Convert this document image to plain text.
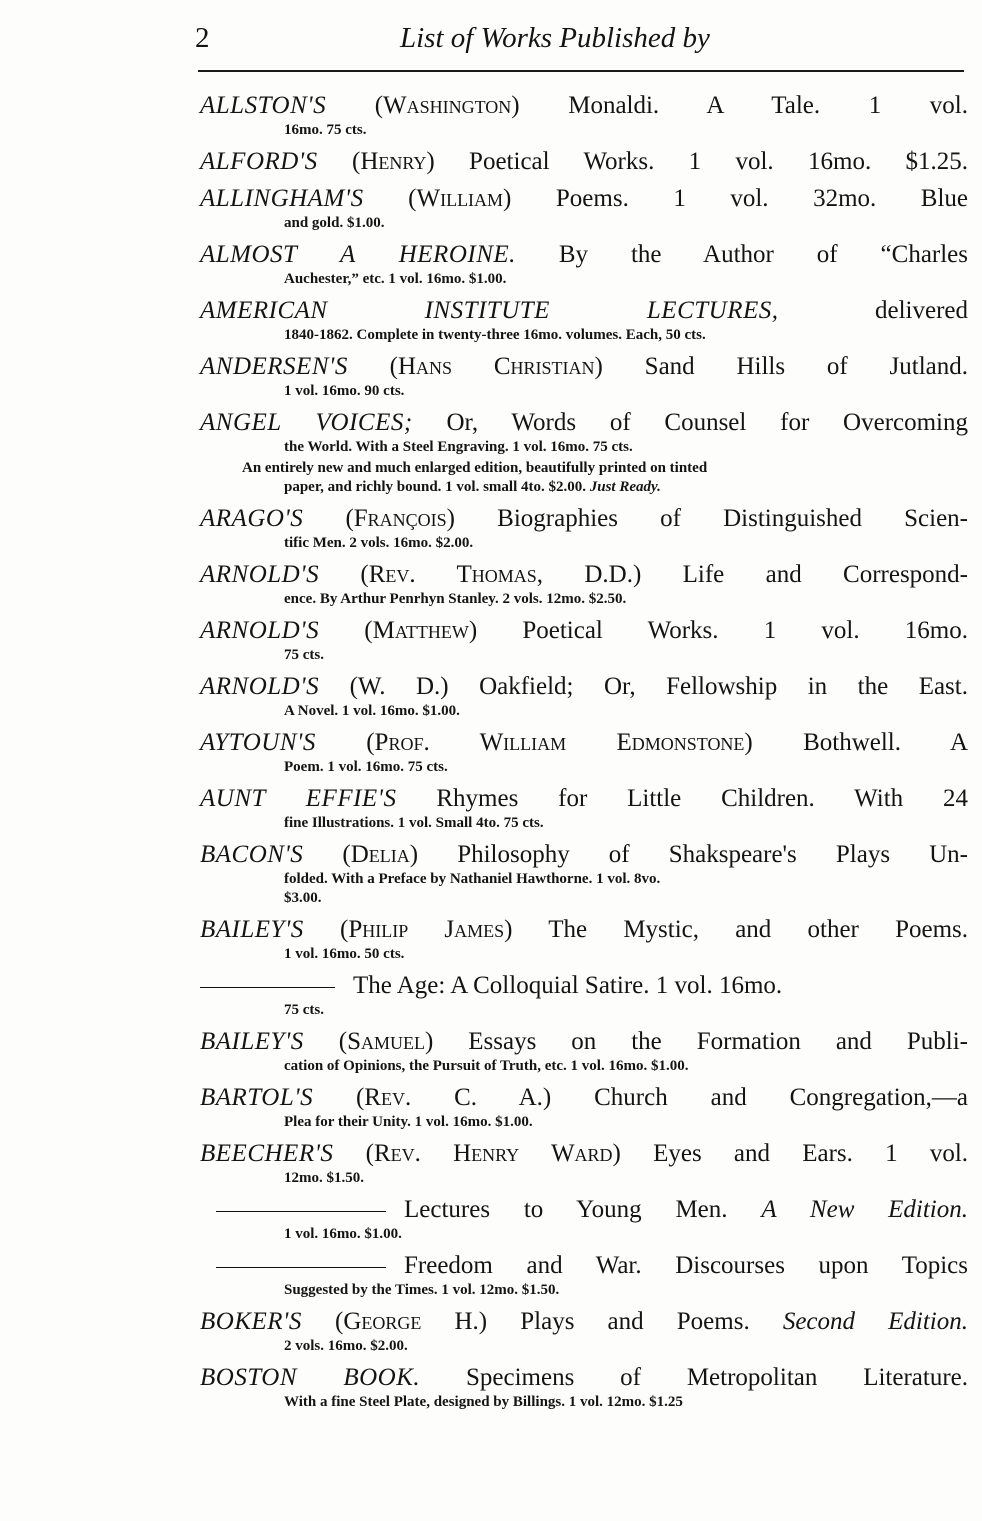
2	List of Works Published by
ALLSTON'S (Washington) Monaldi. A Tale. 1 vol.
16mo. 75 cts.
ALFORD'S (Henry) Poetical Works. 1 vol. 16mo. $1.25.
ALLINGHAM'S (William) Poems. 1 vol. 32mo. Blue
and gold. $1.00.
ALMOST A HEROINE. By the Author of “Charles
Auchester,” etc. 1 vol. 16mo. $1.00.
AMERICAN INSTITUTE LECTURES,	delivered
1840-1862. Complete in twenty-three 16mo. volumes. Each, 50 cts.
ANDERSEN'S (Hans Christian) Sand Hills of Jutland.
1 vol. 16mo. 90 cts.
ANGEL VOICES; Or, Words of Counsel for Overcoming
the World. With a Steel Engraving. 1 vol. 16mo. 75 cts.
An entirely new and much enlarged edition, beautifully printed on tinted
paper, and richly bound. 1 vol. small 4to. $2.00. Just Ready.
ARAGO'S (François) Biographies of Distinguished Scien-
tific Men. 2 vols. 16mo. $2.00.
ARNOLD'S (Rev. Thomas, D.D.) Life and Correspond-
ence. By Arthur Penrhyn Stanley. 2 vols. 12mo. $2.50.
ARNOLD'S (Matthew) Poetical Works. 1 vol. 16mo.
75 cts.
ARNOLD'S (W. D.) Oakfield; Or, Fellowship in the East.
A Novel. 1 vol. 16mo. $1.00.
AYTOUN'S (Prof. William Edmonstone) Bothwell. A
Poem. 1 vol. 16mo. 75 cts.
AUNT EFFIE'S Rhymes for Little Children. With 24
fine Illustrations. 1 vol. Small 4to. 75 cts.
BACON'S (Delia) Philosophy of Shakspeare's Plays Un-
folded. With a Preface by Nathaniel Hawthorne. 1 vol. 8vo.
$3.00.
BAILEY'S (Philip James) The Mystic, and other Poems.
1 vol. 16mo. 50 cts.
The Age: A Colloquial Satire. 1 vol. 16mo.
75 cts.
BAILEY'S (Samuel) Essays on the Formation and Publi-
cation of Opinions, the Pursuit of Truth, etc. 1 vol. 16mo. $1.00.
BARTOL'S (Rev. C. A.) Church and Congregation,—a
Plea for their Unity. 1 vol. 16mo. $1.00.
BEECHER'S (Rev. Henry Ward) Eyes and Ears. 1 vol.
12mo. $1.50.
Lectures to Young Men. A New Edition.
1 vol. 16mo. $1.00.
Freedom and War. Discourses upon Topics
Suggested by the Times. 1 vol. 12mo. $1.50.
BOKER'S (George H.) Plays and Poems. Second Edition.
2 vols. 16mo. $2.00.
BOSTON BOOK. Specimens of Metropolitan Literature.
With a fine Steel Plate, designed by Billings. 1 vol. 12mo. $1.25
